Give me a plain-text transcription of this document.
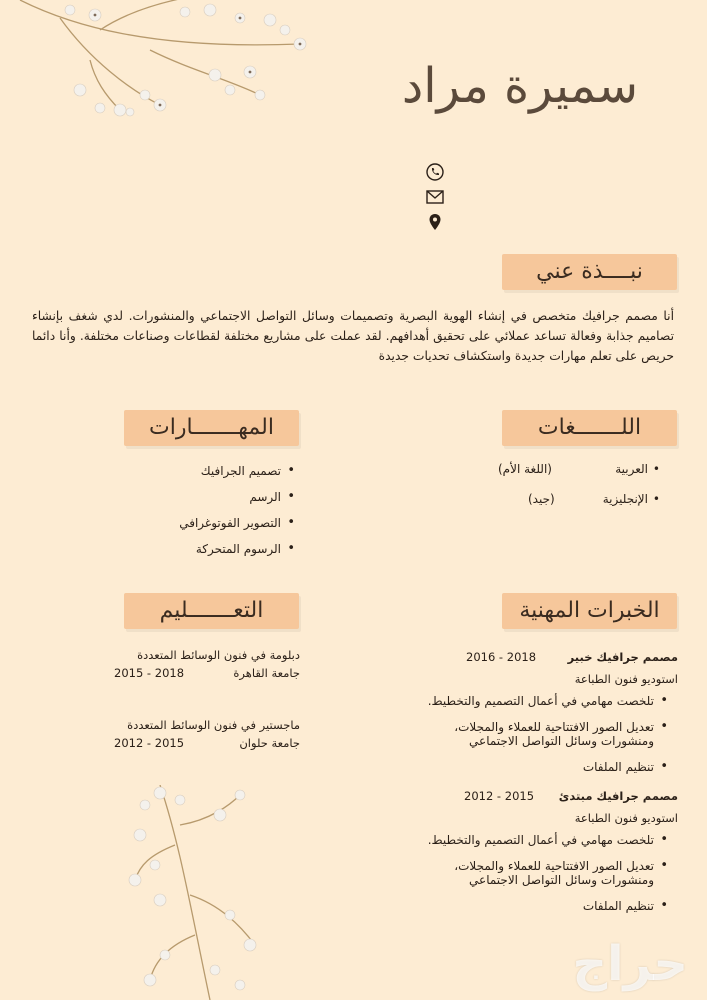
سميرة مراد
نبــــذة عني
أنا مصمم جرافيك متخصص في إنشاء الهوية البصرية وتصميمات وسائل التواصل الاجتماعي والمنشورات. لدي شغف بإنشاء تصاميم جذابة وفعالة تساعد عملائي على تحقيق أهدافهم. لقد عملت على مشاريع مختلفة لقطاعات وصناعات مختلفة. وأنا دائما حريص على تعلم مهارات جديدة واستكشاف تحديات جديدة
اللـــــــغات
•
العربية
(اللغة الأم)
•
الإنجليزية
(جيد)
المهـــــــارات
• تصميم الجرافيك
• الرسم
• التصوير الفوتوغرافي
• الرسوم المتحركة
الخبرات المهنية
مصمم جرافيك خبير
2018 - 2016
استوديو فنون الطباعة
• تلخصت مهامي في أعمال التصميم والتخطيط.
• تعديل الصور الافتتاحية للعملاء والمجلات، ومنشورات وسائل التواصل الاجتماعي
• تنظيم الملفات
مصمم جرافيك مبتدئ
2015 - 2012
استوديو فنون الطباعة
• تلخصت مهامي في أعمال التصميم والتخطيط.
• تعديل الصور الافتتاحية للعملاء والمجلات، ومنشورات وسائل التواصل الاجتماعي
• تنظيم الملفات
التعـــــــليم
دبلومة في فنون الوسائط المتعددة
جامعة القاهرة
2018 - 2015
ماجستير في فنون الوسائط المتعددة
جامعة حلوان
2015 - 2012
حراج
